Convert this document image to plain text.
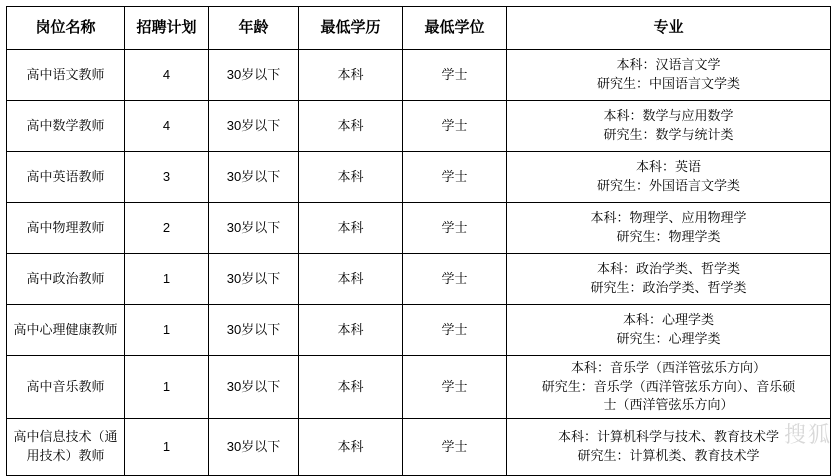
岗位名称	招聘计划	年龄	最低学历	最低学位	专业
高中语文教师	4	30岁以下	本科	学士	本科：汉语言文学
研究生：中国语言文学类

高中数学教师	4	30岁以下	本科	学士	本科：数学与应用数学
研究生：数学与统计类

高中英语教师	3	30岁以下	本科	学士	本科：英语
研究生：外国语言文学类

高中物理教师	2	30岁以下	本科	学士	本科：物理学、应用物理学
研究生：物理学类

高中政治教师	1	30岁以下	本科	学士	本科：政治学类、哲学类
研究生：政治学类、哲学类

高中心理健康教师	1	30岁以下	本科	学士	本科：心理学类
研究生：心理学类

高中音乐教师	1	30岁以下	本科	学士	本科：音乐学（西洋管弦乐方向）
研究生：音乐学（西洋管弦乐方向）、音乐硕
士（西洋管弦乐方向）

高中信息技术（通用技术）教师	1	30岁以下	本科	学士	本科：计算机科学与技术、教育技术学
研究生：计算机类、教育技术学
搜狐
